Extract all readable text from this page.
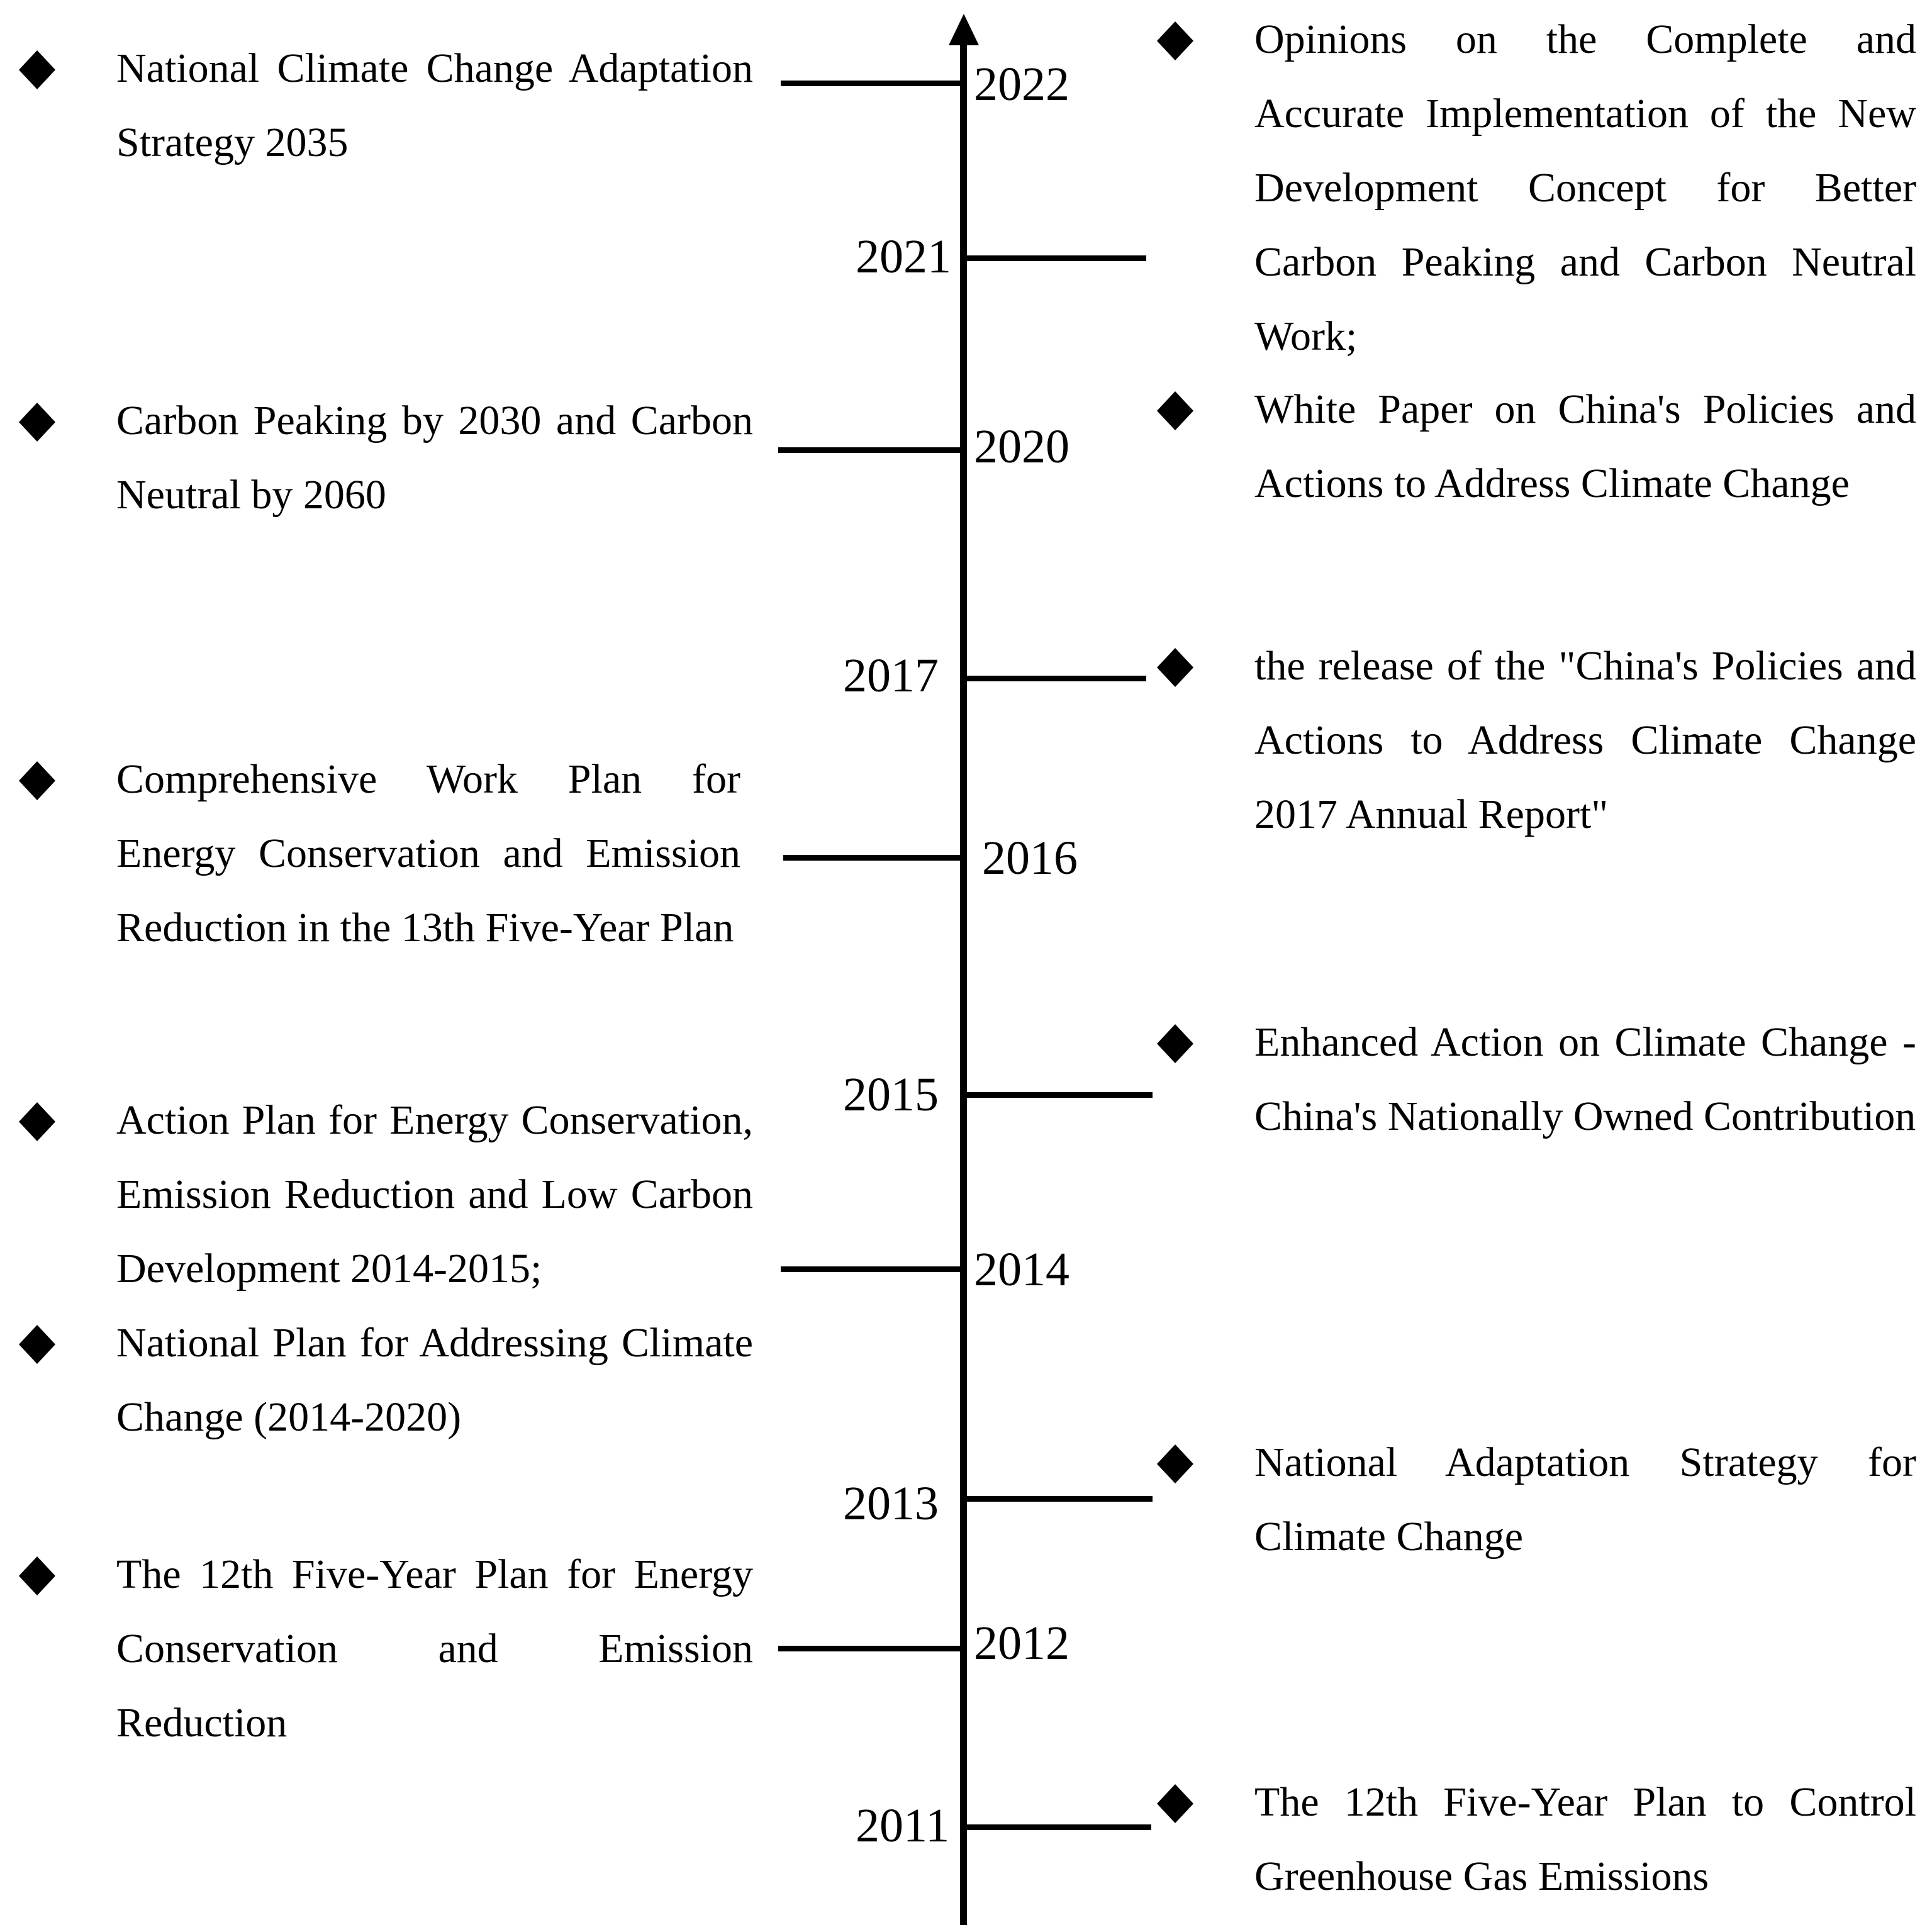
2022
2021
2020
2017
2016
2015
2014
2013
2012
2011
National Climate Change Adaptation Strategy 2035
Carbon Peaking by 2030 and Carbon Neutral by 2060
Comprehensive Work Plan for Energy Conservation and Emission Reduction in the 13th Five-Year Plan
Action Plan for Energy Conservation, Emission Reduction and Low Carbon Development 2014-2015;
National Plan for Addressing Climate Change (2014-2020)
The 12th Five-Year Plan for Energy Conservation and Emission Reduction
Opinions on the Complete and Accurate Implementation of the New Development Concept for Better Carbon Peaking and Carbon Neutral Work;
White Paper on China's Policies and Actions to Address Climate Change
the release of the "China's Policies and Actions to Address Climate Change 2017 Annual Report"
Enhanced Action on Climate Change - China's Nationally Owned Contribution
National Adaptation Strategy for Climate Change
The 12th Five-Year Plan to Control Greenhouse Gas Emissions
